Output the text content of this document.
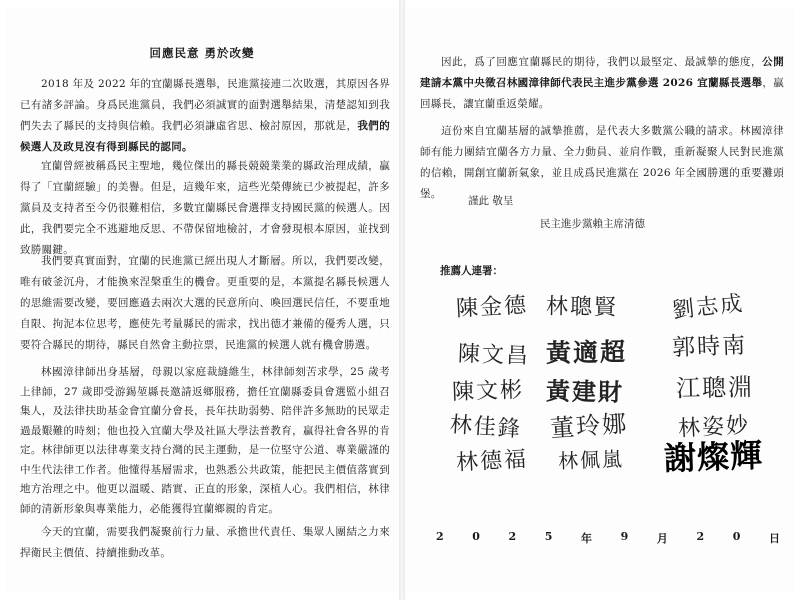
回應民意 勇於改變

2018 年及 2022 年的宜蘭縣長選舉，民進黨接連二次敗選，其原因各界已有諸多評論。身爲民進黨員，我們必須誠實的面對選舉結果，清楚認知到我們失去了縣民的支持與信賴。我們必須謙虛省思、檢討原因，那就是，我們的候選人及政見沒有得到縣民的認同。

宜蘭曾經被稱爲民主聖地，幾位傑出的縣長競競業業的縣政治理成績，贏得了「宜蘭經驗」的美譽。但是，這幾年來，這些光榮傳統已少被提起，許多黨員及支持者至今仍很難相信，多數宜蘭縣民會選擇支持國民黨的候選人。因此，我們要完全不逃避地反思、不帶保留地檢討，才會發現根本原因，並找到致勝關鍵。

我們要真實面對，宜蘭的民進黨已經出現人才斷層。所以，我們要改變，唯有破釜沉舟，才能換來涅槃重生的機會。更重要的是，本黨提名縣長候選人的思維需要改變，要回應過去兩次大選的民意所向、喚回選民信任，不要重地自限、拘泥本位思考，應使先考量縣民的需求，找出德才兼備的優秀人選，只要符合縣民的期待，縣民自然會主動拉票，民進黨的候選人就有機會勝選。

林國漳律師出身基層，母親以家庭裁縫維生，林律師刻苦求學，25 歲考上律師，27 歲即受游錫堃縣長邀請返鄉服務，擔任宜蘭縣委員會選監小組召集人，及法律扶助基金會宜蘭分會長，長年扶助弱勢、陪伴許多無助的民眾走過最艱難的時刻；他也投入宜蘭大學及社區大學法普教育，贏得社會各界的肯定。林律師更以法律專業支持台灣的民主運動，是一位堅守公道、專業嚴謹的中生代法律工作者。他懂得基層需求，也熟悉公共政策，能把民主價值落實到地方治理之中。他更以溫暖、踏實、正直的形象，深植人心。我們相信，林律師的清新形象與專業能力，必能獲得宜蘭鄉親的肯定。

今天的宜蘭，需要我們凝聚前行力量、承擔世代責任、集眾人團結之力來捍衛民主價值、持續推動改革。

因此，爲了回應宜蘭縣民的期待，我們以最堅定、最誠摯的態度，公開建請本黨中央徵召林國漳律師代表民主進步黨參選 2026 宜蘭縣長選舉，贏回縣長，讓宜蘭重返榮耀。

這份來自宜蘭基層的誠摯推薦，是代表大多數黨公職的請求。林國漳律師有能力團結宜蘭各方力量、全力動員、並肩作戰，重新凝聚人民對民進黨的信賴，開創宜蘭新氣象，並且成爲民進黨在 2026 年全國勝選的重要灘頭堡。

謹此 敬呈
民主進步黨賴主席清德
推薦人連署：
陳金德 林聰賢 劉志成
陳文昌 黃適超 郭時南
陳文彬 黃建財 江聰淵
林佳鋒 董玲娜 林姿妙
林德福 林佩嵐 謝燦輝
2	0	2	5	年	9	月	2	0	日
